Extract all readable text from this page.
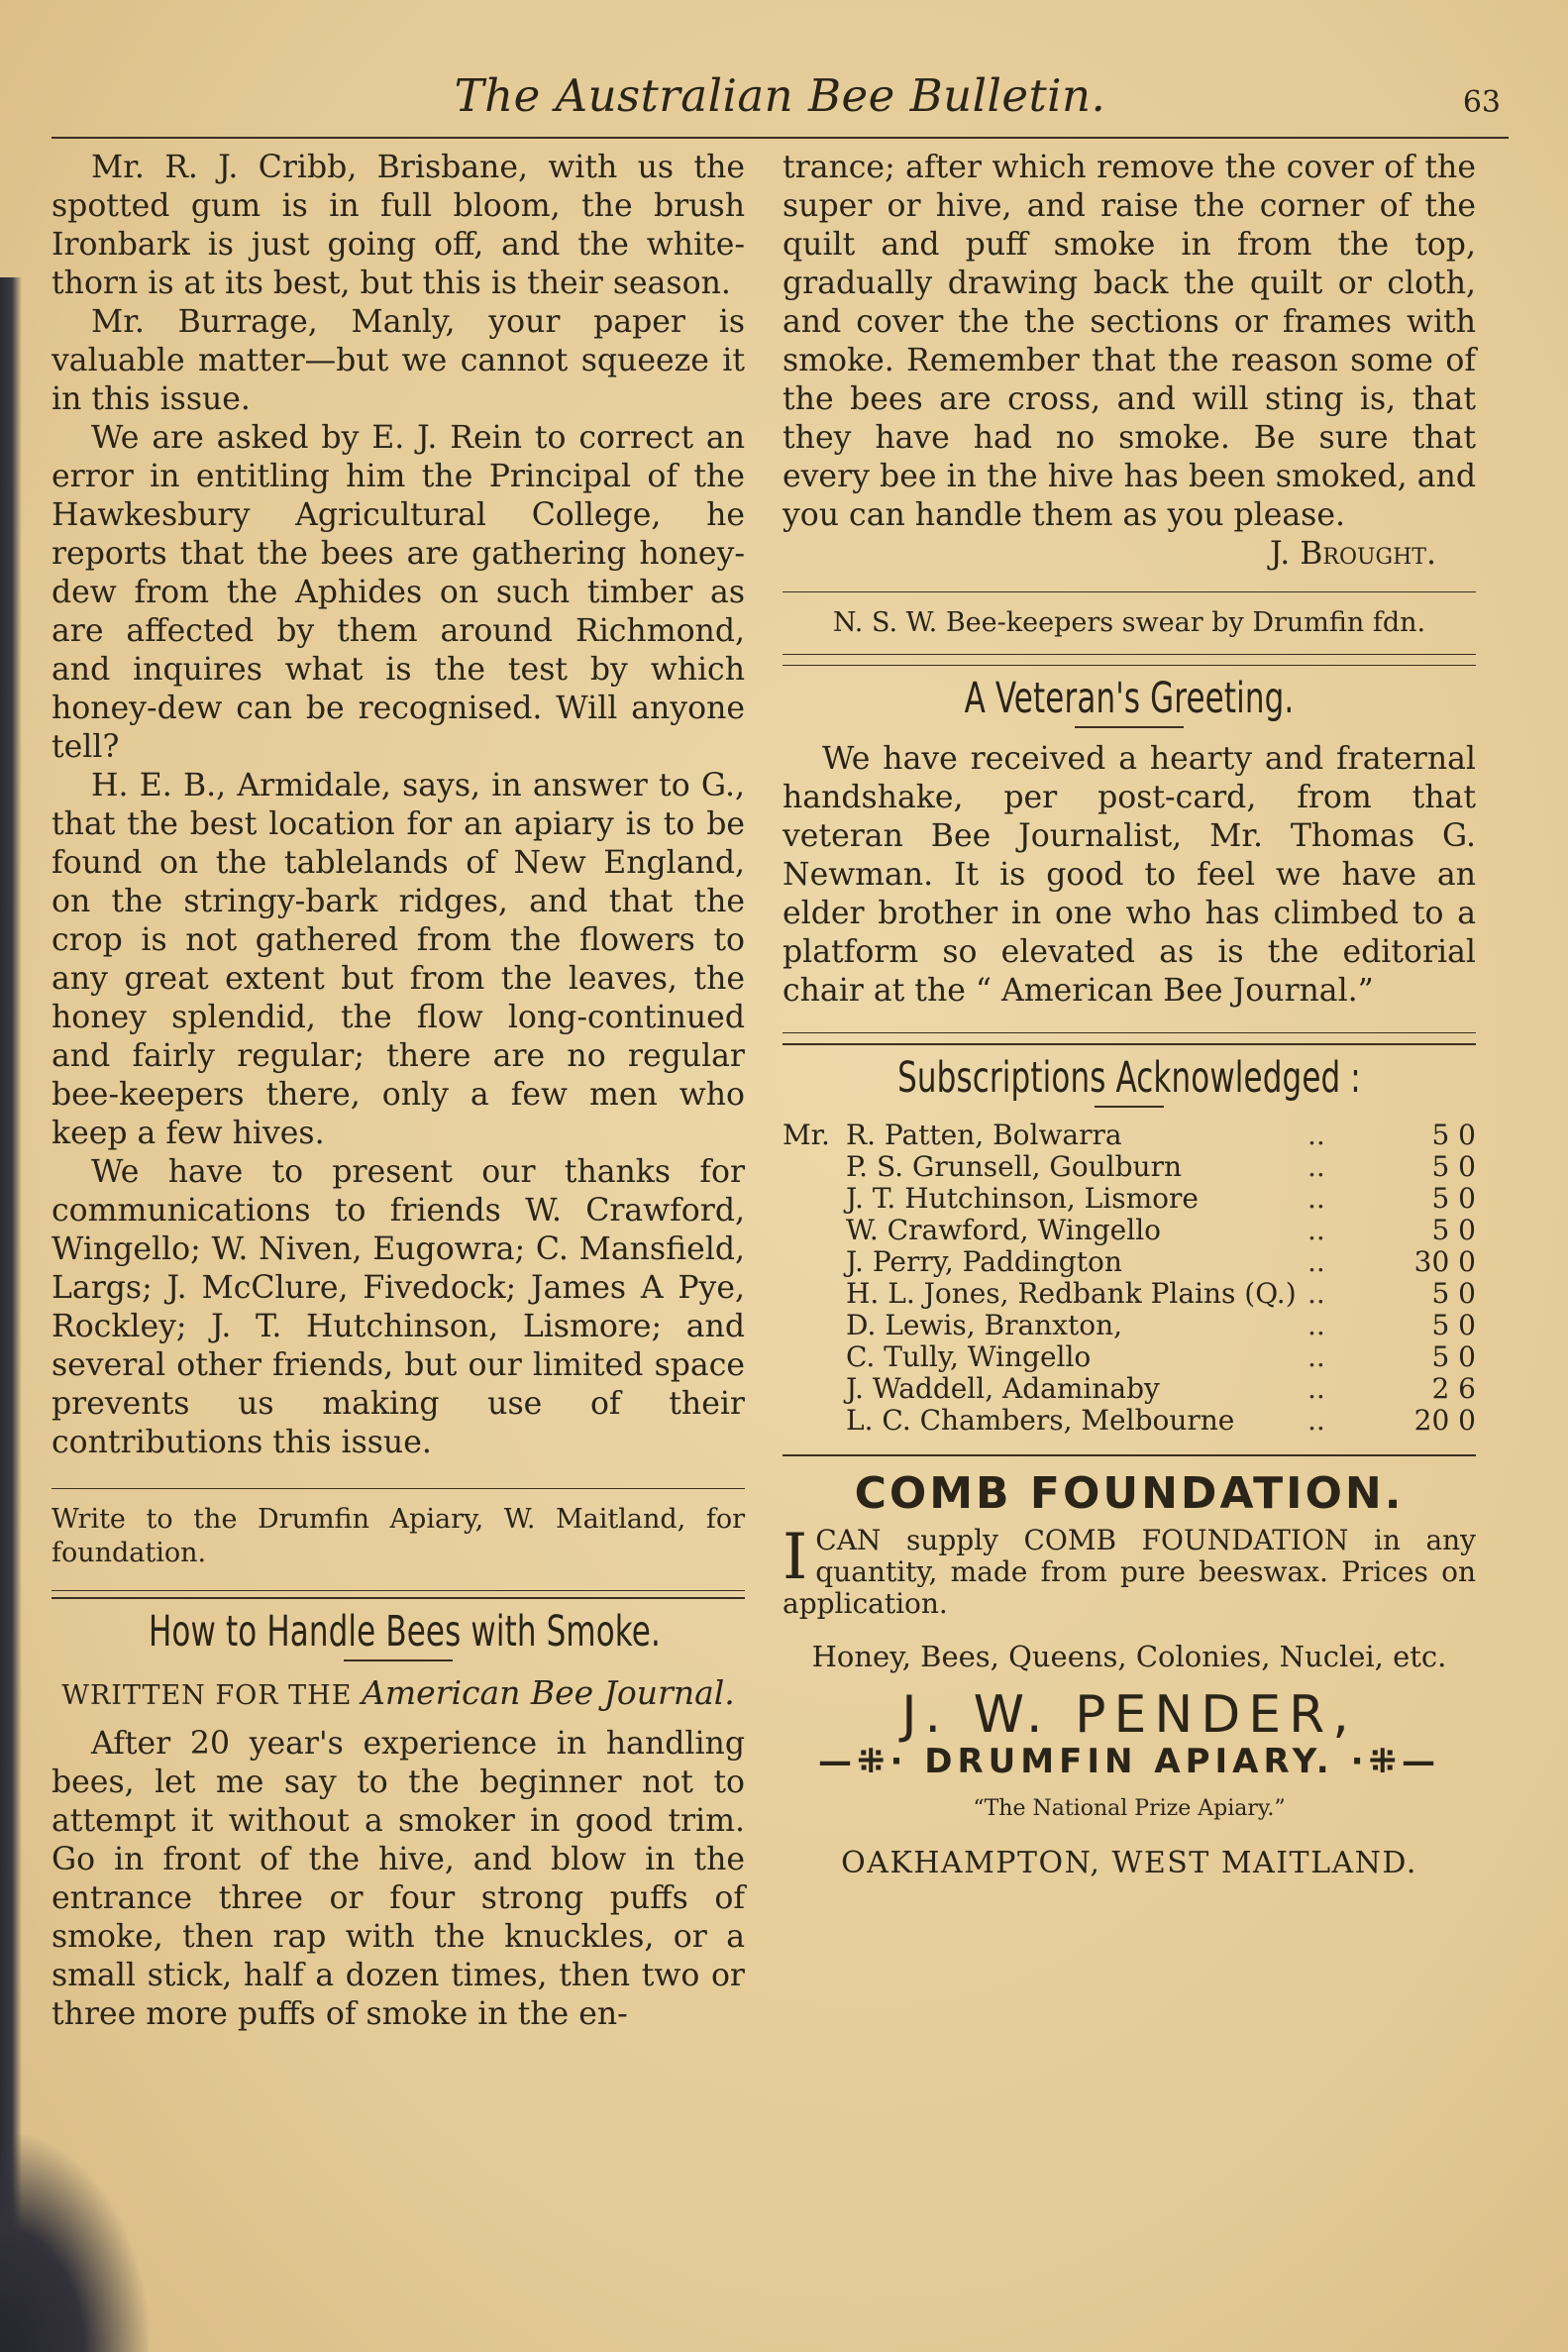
The Australian Bee Bulletin.	63

Mr. R. J. Cribb, Brisbane, with us the spotted gum is in full bloom, the brush Ironbark is just going off, and the white-thorn is at its best, but this is their season.

Mr. Burrage, Manly, your paper is valuable matter—but we cannot squeeze it in this issue.

We are asked by E. J. Rein to correct an error in entitling him the Principal of the Hawkesbury Agricultural College, he reports that the bees are gathering honey-dew from the Aphides on such timber as are affected by them around Richmond, and inquires what is the test by which honey-dew can be recognised. Will anyone tell?

H. E. B., Armidale, says, in answer to G., that the best location for an apiary is to be found on the tablelands of New England, on the stringy-bark ridges, and that the crop is not gathered from the flowers to any great extent but from the leaves, the honey splendid, the flow long-continued and fairly regular; there are no regular bee-keepers there, only a few men who keep a few hives.

We have to present our thanks for communications to friends W. Crawford, Wingello; W. Niven, Eugowra; C. Mansfield, Largs; J. McClure, Fivedock; James A Pye, Rockley; J. T. Hutchinson, Lismore; and several other friends, but our limited space prevents us making use of their contributions this issue.

Write to the Drumfin Apiary, W. Maitland, for foundation.

How to Handle Bees with Smoke.
WRITTEN FOR THE American Bee Journal.

After 20 year's experience in handling bees, let me say to the beginner not to attempt it without a smoker in good trim. Go in front of the hive, and blow in the entrance three or four strong puffs of smoke, then rap with the knuckles, or a small stick, half a dozen times, then two or three more puffs of smoke in the en-

trance; after which remove the cover of the super or hive, and raise the corner of the quilt and puff smoke in from the top, gradually drawing back the quilt or cloth, and cover the the sections or frames with smoke. Remember that the reason some of the bees are cross, and will sting is, that they have had no smoke. Be sure that every bee in the hive has been smoked, and you can handle them as you please.

J. Brought.

N. S. W. Bee-keepers swear by Drumfin fdn.

A Veteran's Greeting.

We have received a hearty and fraternal handshake, per post-card, from that veteran Bee Journalist, Mr. Thomas G. Newman. It is good to feel we have an elder brother in one who has climbed to a platform so elevated as is the editorial chair at the “ American Bee Journal.”

Subscriptions Acknowledged :
Mr.	R. Patten, Bolwarra	..	5 0
	P. S. Grunsell, Goulburn	..	5 0
	J. T. Hutchinson, Lismore	..	5 0
	W. Crawford, Wingello	..	5 0
	J. Perry, Paddington	..	30 0
	H. L. Jones, Redbank Plains (Q.)	..	5 0
	D. Lewis, Branxton,	..	5 0
	C. Tully, Wingello	..	5 0
	J. Waddell, Adaminaby	..	2 6
	L. C. Chambers, Melbourne	..	20 0
COMB FOUNDATION.
I CAN supply COMB FOUNDATION in any quantity, made from pure beeswax. Prices on application.
Honey, Bees, Queens, Colonies, Nuclei, etc.
J. W. PENDER,
—⁜· DRUMFIN APIARY. ·⁜—
“The National Prize Apiary.”
OAKHAMPTON, WEST MAITLAND.
